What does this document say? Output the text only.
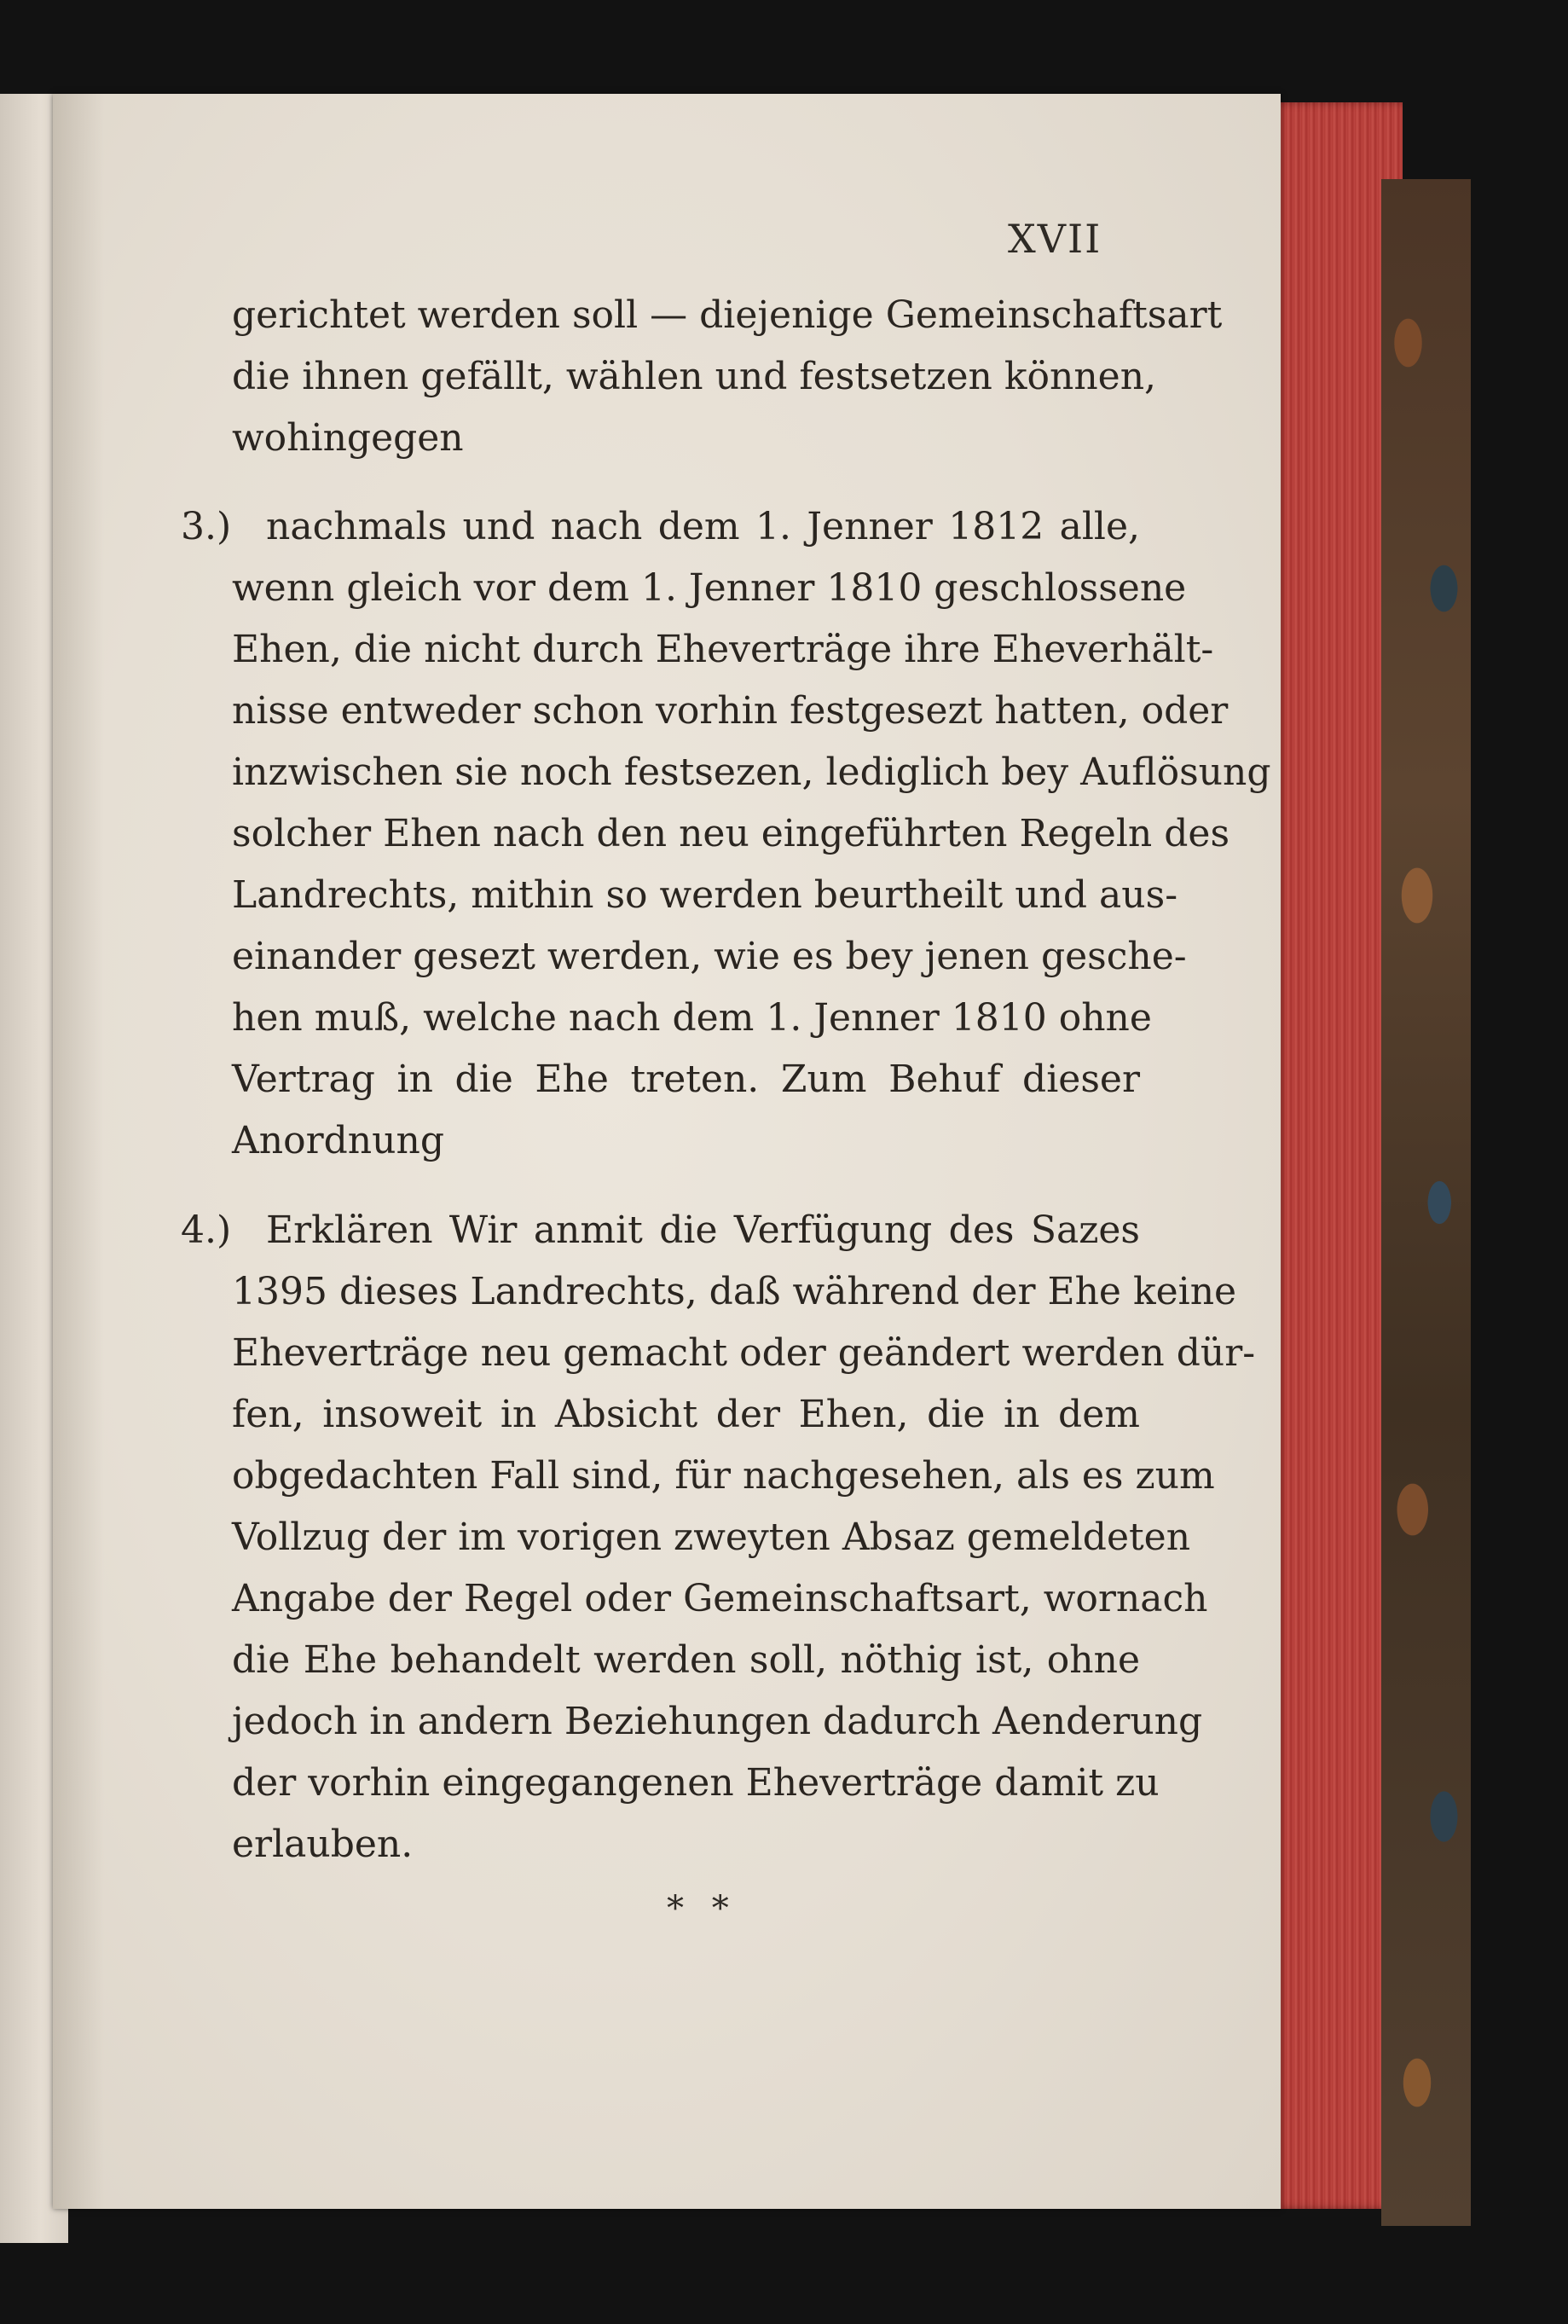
XVII
gerichtet werden soll — diejenige Gemeinschaftsart
die ihnen gefällt, wählen und festsetzen können,
wohingegen
3.) nachmals und nach dem 1. Jenner 1812 alle,
wenn gleich vor dem 1. Jenner 1810 geschlossene
Ehen, die nicht durch Eheverträge ihre Eheverhält-
nisse entweder schon vorhin festgesezt hatten, oder
inzwischen sie noch festsezen, lediglich bey Auflösung
solcher Ehen nach den neu eingeführten Regeln des
Landrechts, mithin so werden beurtheilt und aus-
einander gesezt werden, wie es bey jenen gesche-
hen muß, welche nach dem 1. Jenner 1810 ohne
Vertrag in die Ehe treten. Zum Behuf dieser
Anordnung
4.) Erklären Wir anmit die Verfügung des Sazes
1395 dieses Landrechts, daß während der Ehe keine
Eheverträge neu gemacht oder geändert werden dür-
fen, insoweit in Absicht der Ehen, die in dem
obgedachten Fall sind, für nachgesehen, als es zum
Vollzug der im vorigen zweyten Absaz gemeldeten
Angabe der Regel oder Gemeinschaftsart, wornach
die Ehe behandelt werden soll, nöthig ist, ohne
jedoch in andern Beziehungen dadurch Aenderung
der vorhin eingegangenen Eheverträge damit zu
erlauben.
* *
